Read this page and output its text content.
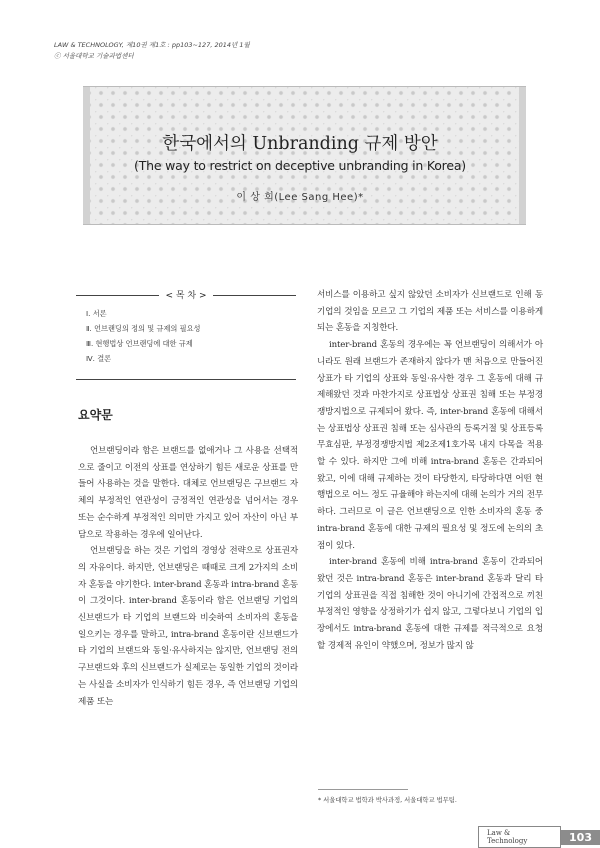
LAW & TECHNOLOGY, 제10권 제1호 : pp103~127, 2014년 1월
ⓒ 서울대학교 기술과법센터
한국에서의 Unbranding 규제 방안
(The way to restrict on deceptive unbranding in Korea)
이 상 희(Lee Sang Hee)*
< 목 차 >
Ⅰ. 서론
Ⅱ. 언브랜딩의 정의 및 규제의 필요성
Ⅲ. 현행법상 언브랜딩에 대한 규제
Ⅳ. 결론
요약문

언브랜딩이라 함은 브랜드를 없애거나 그 사용을 선택적으로 줄이고 이전의 상표를 연상하기 힘든 새로운 상표를 만들어 사용하는 것을 말한다. 대체로 언브랜딩은 구브랜드 자체의 부정적인 연관성이 긍정적인 연관성을 넘어서는 경우 또는 순수하게 부정적인 의미만 가지고 있어 자산이 아닌 부담으로 작용하는 경우에 일어난다.

언브랜딩을 하는 것은 기업의 경영상 전략으로 상표권자의 자유이다. 하지만, 언브랜딩은 때때로 크게 2가지의 소비자 혼동을 야기한다. inter-brand 혼동과 intra-brand 혼동이 그것이다. inter-brand 혼동이라 함은 언브랜딩 기업의 신브랜드가 타 기업의 브랜드와 비슷하여 소비자의 혼동을 일으키는 경우를 말하고, intra-brand 혼동이란 신브랜드가 타 기업의 브랜드와 동일·유사하지는 않지만, 언브랜딩 전의 구브랜드와 후의 신브랜드가 실제로는 동일한 기업의 것이라는 사실을 소비자가 인식하기 힘든 경우, 즉 언브랜딩 기업의 제품 또는

서비스를 이용하고 싶지 않았던 소비자가 신브랜드로 인해 동 기업의 것임을 모르고 그 기업의 제품 또는 서비스를 이용하게 되는 혼동을 지칭한다.

inter-brand 혼동의 경우에는 꼭 언브랜딩이 의해서가 아니라도 원래 브랜드가 존재하지 않다가 맨 처음으로 만들어진 상표가 타 기업의 상표와 동일·유사한 경우 그 혼동에 대해 규제해왔던 것과 마찬가지로 상표법상 상표권 침해 또는 부정경쟁방지법으로 규제되어 왔다. 즉, inter-brand 혼동에 대해서는 상표법상 상표권 침해 또는 심사관의 등록거절 및 상표등록무효심판, 부정경쟁방지법 제2조제1호가목 내지 다목을 적용할 수 있다. 하지만 그에 비해 intra-brand 혼동은 간과되어 왔고, 이에 대해 규제하는 것이 타당한지, 타당하다면 어떤 현행법으로 어느 정도 규율해야 하는지에 대해 논의가 거의 전무하다. 그러므로 이 글은 언브랜딩으로 인한 소비자의 혼동 중 intra-brand 혼동에 대한 규제의 필요성 및 정도에 논의의 초점이 있다.

inter-brand 혼동에 비해 intra-brand 혼동이 간과되어왔던 것은 intra-brand 혼동은 inter-brand 혼동과 달리 타 기업의 상표권을 직접 침해한 것이 아니기에 간접적으로 끼친 부정적인 영향을 상정하기가 쉽지 않고, 그렇다보니 기업의 입장에서도 intra-brand 혼동에 대한 규제를 적극적으로 요청할 경제적 유인이 약했으며, 정보가 많지 않

* 서울대학교 법학과 박사과정, 서울대학교 법무팀.
Law & Technology	103
